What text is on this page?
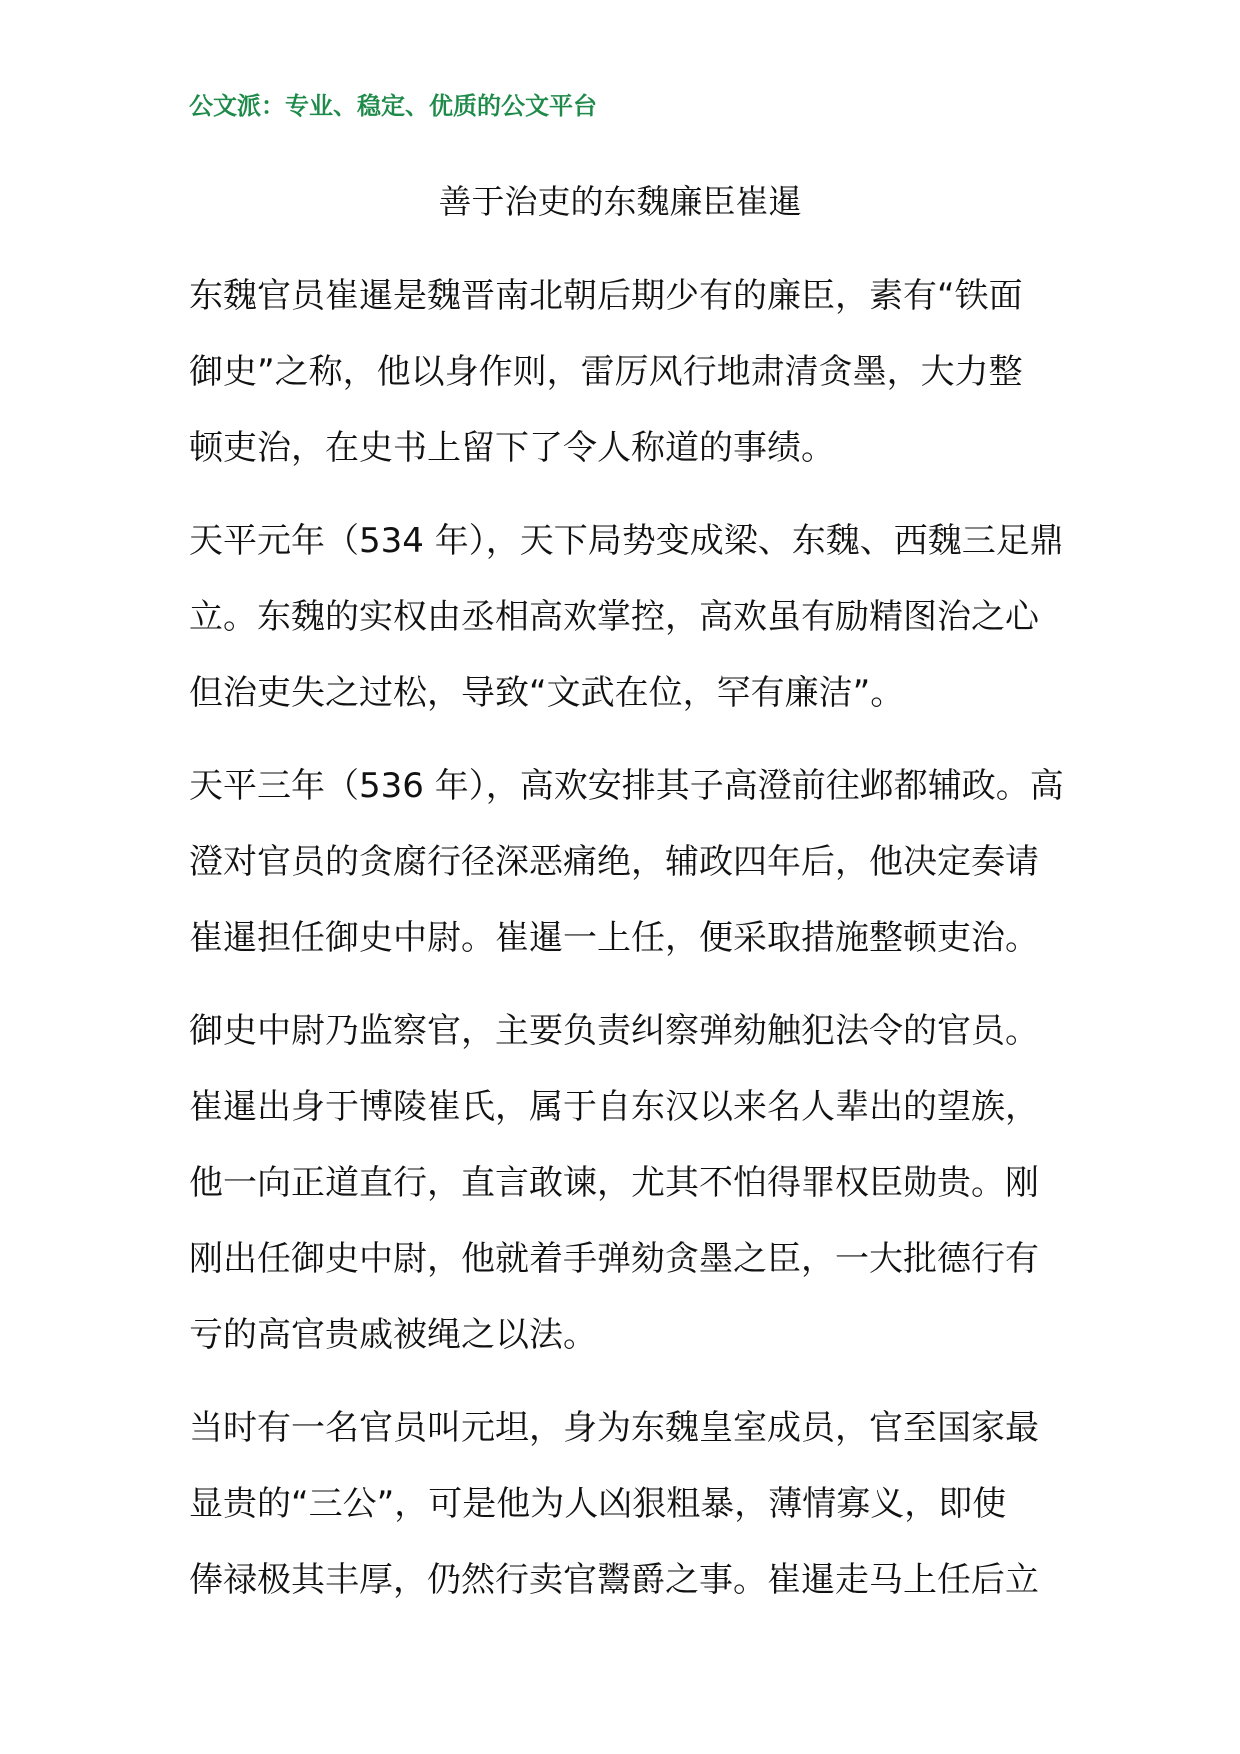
公文派：专业、稳定、优质的公文平台
善于治吏的东魏廉臣崔暹
东魏官员崔暹是魏晋南北朝后期少有的廉臣，素有“铁面
御史”之称，他以身作则，雷厉风行地肃清贪墨，大力整
顿吏治，在史书上留下了令人称道的事绩。
天平元年（534 年），天下局势变成梁、东魏、西魏三足鼎
立。东魏的实权由丞相高欢掌控，高欢虽有励精图治之心
但治吏失之过松，导致“文武在位，罕有廉洁”。
天平三年（536 年），高欢安排其子高澄前往邺都辅政。高
澄对官员的贪腐行径深恶痛绝，辅政四年后，他决定奏请
崔暹担任御史中尉。崔暹一上任，便采取措施整顿吏治。
御史中尉乃监察官，主要负责纠察弹劾触犯法令的官员。
崔暹出身于博陵崔氏，属于自东汉以来名人辈出的望族，
他一向正道直行，直言敢谏，尤其不怕得罪权臣勋贵。刚
刚出任御史中尉，他就着手弹劾贪墨之臣，一大批德行有
亏的高官贵戚被绳之以法。
当时有一名官员叫元坦，身为东魏皇室成员，官至国家最
显贵的“三公”，可是他为人凶狠粗暴，薄情寡义，即使
俸禄极其丰厚，仍然行卖官鬻爵之事。崔暹走马上任后立
